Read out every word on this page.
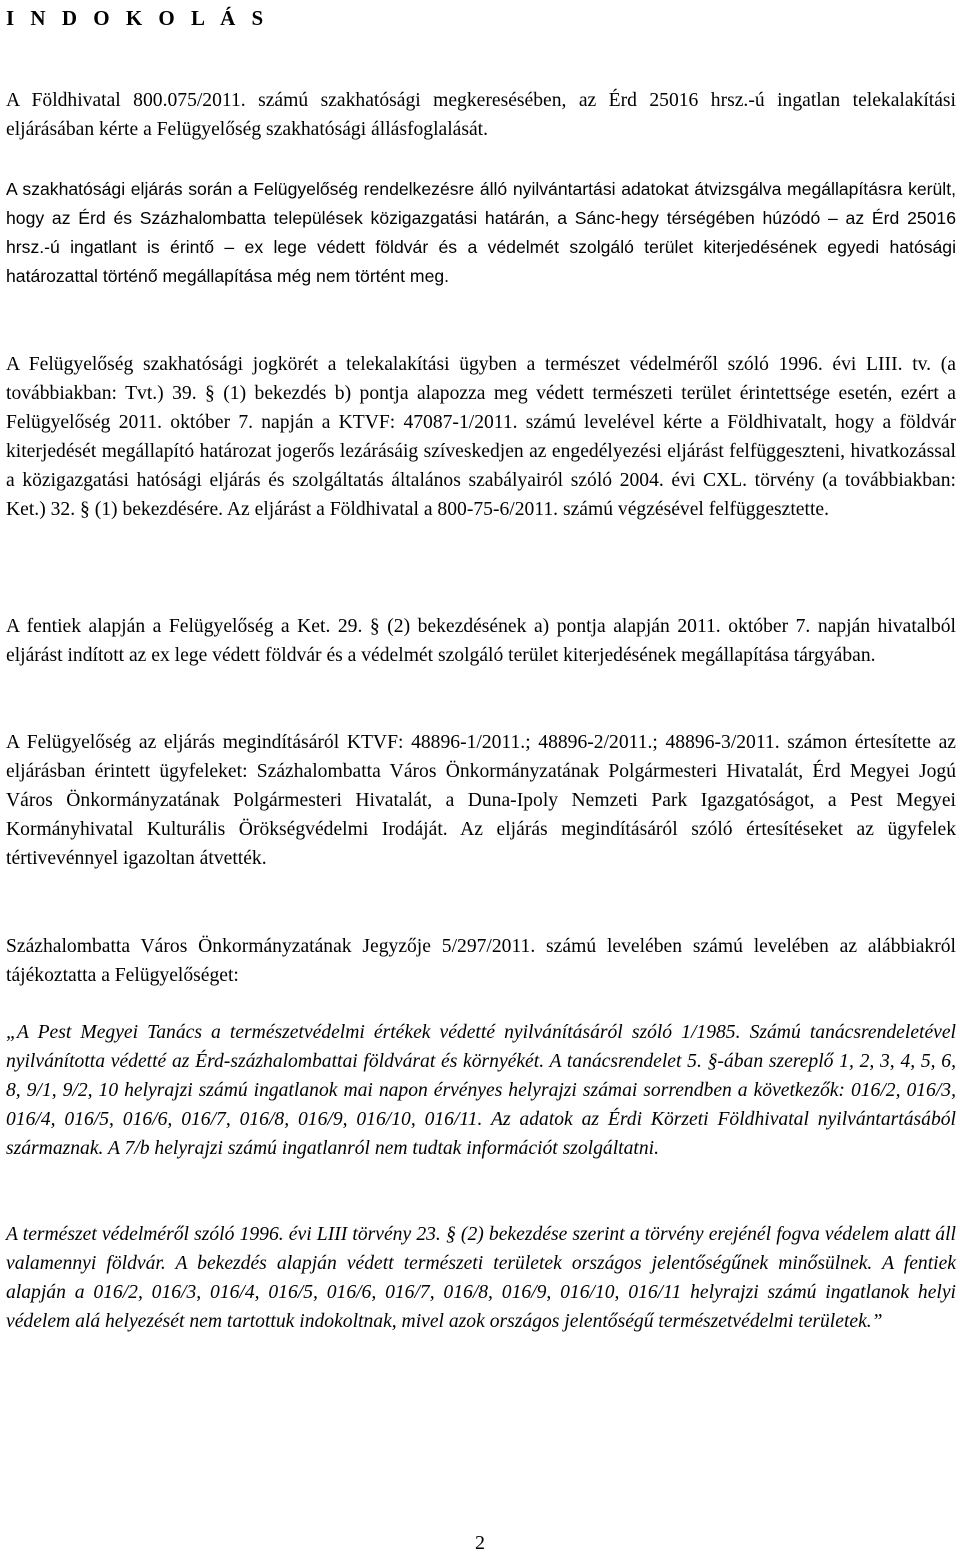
I N D O K O L Á S

A Földhivatal 800.075/2011. számú szakhatósági megkeresésében, az Érd 25016 hrsz.-ú ingatlan telekalakítási eljárásában kérte a Felügyelőség szakhatósági állásfoglalását.

A szakhatósági eljárás során a Felügyelőség rendelkezésre álló nyilvántartási adatokat átvizsgálva megállapításra került, hogy az Érd és Százhalombatta települések közigazgatási határán, a Sánc-hegy térségében húzódó – az Érd 25016 hrsz.-ú ingatlant is érintő – ex lege védett földvár és a védelmét szolgáló terület kiterjedésének egyedi hatósági határozattal történő megállapítása még nem történt meg.

A Felügyelőség szakhatósági jogkörét a telekalakítási ügyben a természet védelméről szóló 1996. évi LIII. tv. (a továbbiakban: Tvt.) 39. § (1) bekezdés b) pontja alapozza meg védett természeti terület érintettsége esetén, ezért a Felügyelőség 2011. október 7. napján a KTVF: 47087-1/2011. számú levelével kérte a Földhivatalt, hogy a földvár kiterjedését megállapító határozat jogerős lezárásáig szíveskedjen az engedélyezési eljárást felfüggeszteni, hivatkozással a közigazgatási hatósági eljárás és szolgáltatás általános szabályairól szóló 2004. évi CXL. törvény (a továbbiakban: Ket.) 32. § (1) bekezdésére. Az eljárást a Földhivatal a 800-75-6/2011. számú végzésével felfüggesztette.

A fentiek alapján a Felügyelőség a Ket. 29. § (2) bekezdésének a) pontja alapján 2011. október 7. napján hivatalból eljárást indított az ex lege védett földvár és a védelmét szolgáló terület kiterjedésének megállapítása tárgyában.

A Felügyelőség az eljárás megindításáról KTVF: 48896-1/2011.; 48896-2/2011.; 48896-3/2011. számon értesítette az eljárásban érintett ügyfeleket: Százhalombatta Város Önkormányzatának Polgármesteri Hivatalát, Érd Megyei Jogú Város Önkormányzatának Polgármesteri Hivatalát, a Duna-Ipoly Nemzeti Park Igazgatóságot, a Pest Megyei Kormányhivatal Kulturális Örökségvédelmi Irodáját. Az eljárás megindításáról szóló értesítéseket az ügyfelek tértivevénnyel igazoltan átvették.

Százhalombatta Város Önkormányzatának Jegyzője 5/297/2011. számú levelében számú levelében az alábbiakról tájékoztatta a Felügyelőséget:

„A Pest Megyei Tanács a természetvédelmi értékek védetté nyilvánításáról szóló 1/1985. Számú tanácsrendeletével nyilvánította védetté az Érd-százhalombattai földvárat és környékét. A tanácsrendelet 5. §-ában szereplő 1, 2, 3, 4, 5, 6, 8, 9/1, 9/2, 10 helyrajzi számú ingatlanok mai napon érvényes helyrajzi számai sorrendben a következők: 016/2, 016/3, 016/4, 016/5, 016/6, 016/7, 016/8, 016/9, 016/10, 016/11. Az adatok az Érdi Körzeti Földhivatal nyilvántartásából származnak. A 7/b helyrajzi számú ingatlanról nem tudtak információt szolgáltatni.

A természet védelméről szóló 1996. évi LIII törvény 23. § (2) bekezdése szerint a törvény erejénél fogva védelem alatt áll valamennyi földvár. A bekezdés alapján védett természeti területek országos jelentőségűnek minősülnek. A fentiek alapján a 016/2, 016/3, 016/4, 016/5, 016/6, 016/7, 016/8, 016/9, 016/10, 016/11 helyrajzi számú ingatlanok helyi védelem alá helyezését nem tartottuk indokoltnak, mivel azok országos jelentőségű természetvédelmi területek.”

2
